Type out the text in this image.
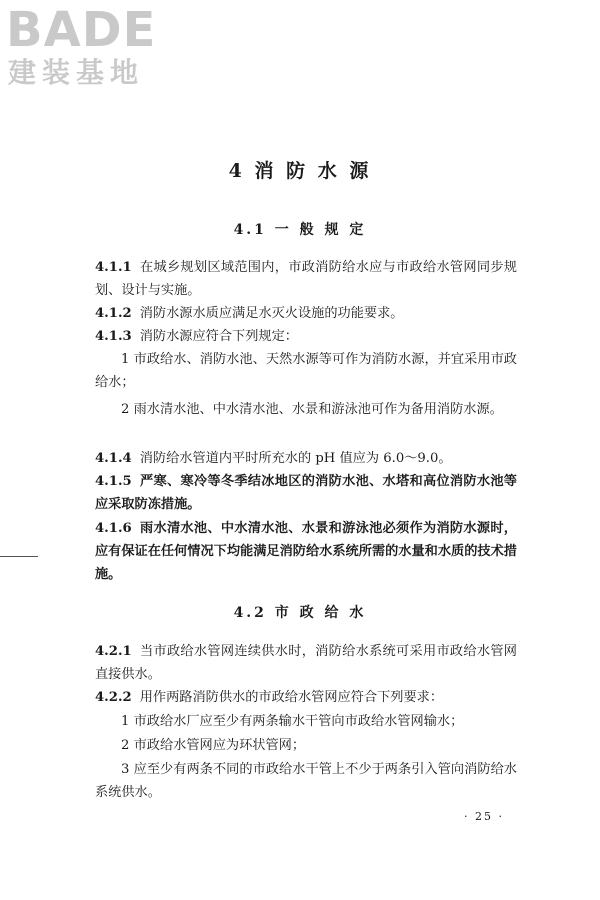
BADE
建装基地
4 消 防 水 源
4.1 一 般 规 定
4.1.1 在城乡规划区域范围内，市政消防给水应与市政给水管网同步规划、设计与实施。
4.1.2 消防水源水质应满足水灭火设施的功能要求。
4.1.3 消防水源应符合下列规定：
1 市政给水、消防水池、天然水源等可作为消防水源，并宜采用市政给水；
2 雨水清水池、中水清水池、水景和游泳池可作为备用消防水源。
4.1.4 消防给水管道内平时所充水的 pH 值应为 6.0～9.0。
4.1.5 严寒、寒冷等冬季结冰地区的消防水池、水塔和高位消防水池等应采取防冻措施。
4.1.6 雨水清水池、中水清水池、水景和游泳池必须作为消防水源时，应有保证在任何情况下均能满足消防给水系统所需的水量和水质的技术措施。
4.2 市 政 给 水
4.2.1 当市政给水管网连续供水时，消防给水系统可采用市政给水管网直接供水。
4.2.2 用作两路消防供水的市政给水管网应符合下列要求：
1 市政给水厂应至少有两条输水干管向市政给水管网输水；
2 市政给水管网应为环状管网；
3 应至少有两条不同的市政给水干管上不少于两条引入管向消防给水系统供水。
· 25 ·
